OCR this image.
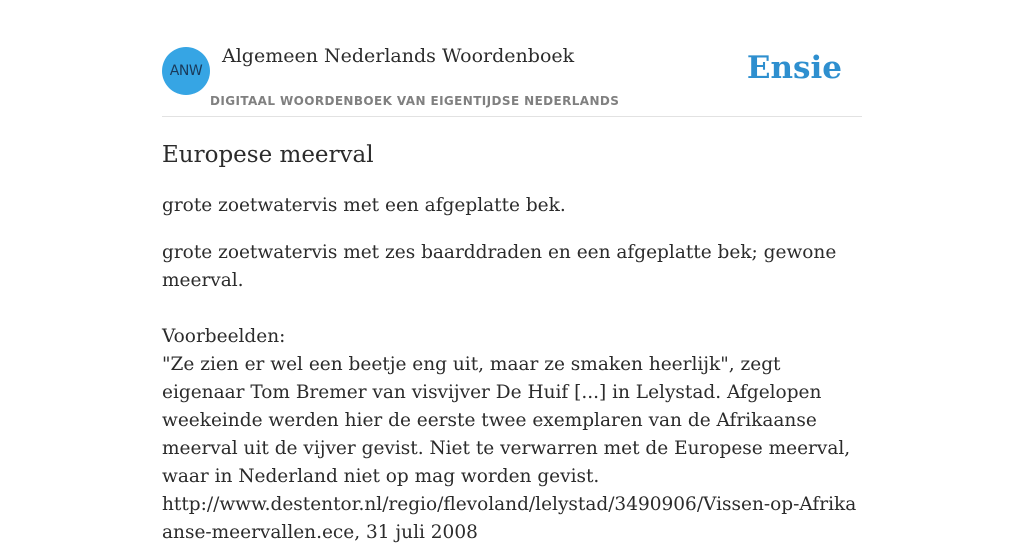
ANW
Algemeen Nederlands Woordenboek
DIGITAAL WOORDENBOEK VAN EIGENTIJDSE NEDERLANDS
Ensie
Europese meerval

grote zoetwatervis met een afgeplatte bek.

grote zoetwatervis met zes baarddraden en een afgeplatte bek; gewone meerval.

Voorbeelden:
"Ze zien er wel een beetje eng uit, maar ze smaken heerlijk", zegt eigenaar Tom Bremer van visvijver De Huif [...] in Lelystad. Afgelopen weekeinde werden hier de eerste twee exemplaren van de Afrikaanse meerval uit de vijver gevist. Niet te verwarren met de Europese meerval, waar in Nederland niet op mag worden gevist.
http://www.destentor.nl/regio/flevoland/lelystad/3490906/Vissen-op-Afrikaanse-meervallen.ece, 31 juli 2008
